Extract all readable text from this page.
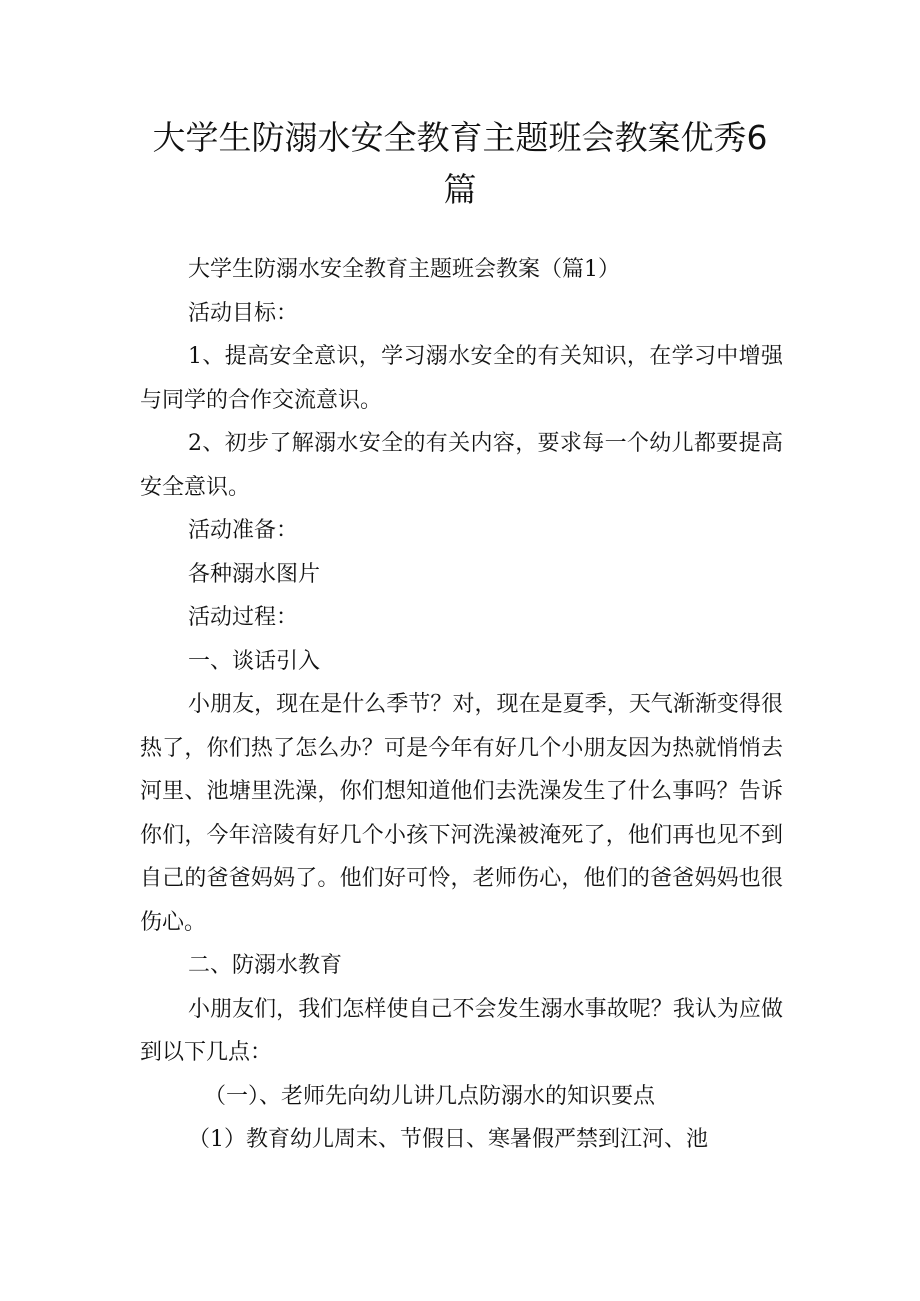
大学生防溺水安全教育主题班会教案优秀6篇

大学生防溺水安全教育主题班会教案（篇1）

活动目标：

1、提高安全意识，学习溺水安全的有关知识，在学习中增强与同学的合作交流意识。

2、初步了解溺水安全的有关内容，要求每一个幼儿都要提高安全意识。

活动准备：

各种溺水图片

活动过程：

一、谈话引入

小朋友，现在是什么季节？对，现在是夏季，天气渐渐变得很热了，你们热了怎么办？可是今年有好几个小朋友因为热就悄悄去河里、池塘里洗澡，你们想知道他们去洗澡发生了什么事吗？告诉你们，今年涪陵有好几个小孩下河洗澡被淹死了，他们再也见不到自己的爸爸妈妈了。他们好可怜，老师伤心，他们的爸爸妈妈也很伤心。

二、防溺水教育

小朋友们，我们怎样使自己不会发生溺水事故呢？我认为应做到以下几点：

（一）、老师先向幼儿讲几点防溺水的知识要点

（1）教育幼儿周末、节假日、寒暑假严禁到江河、池
